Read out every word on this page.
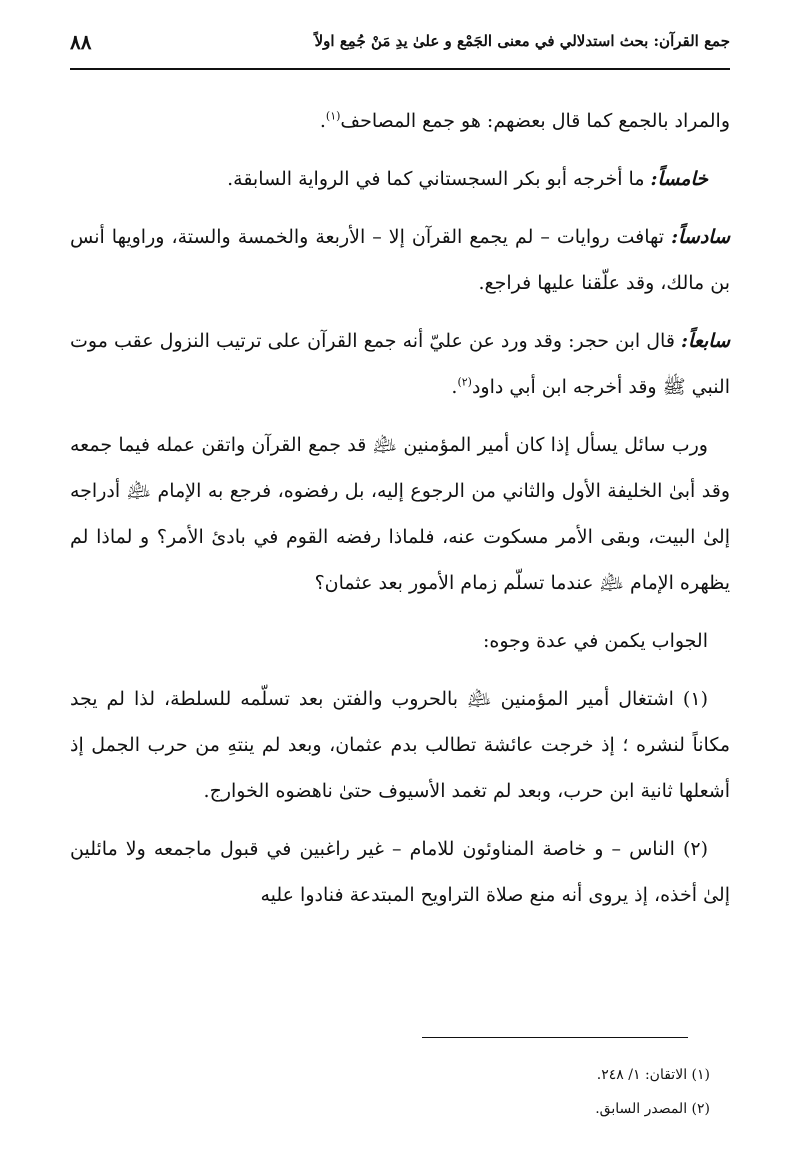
جمع القرآن: بحث استدلالي في معنى الجَمْع و علىٰ يدِ مَنْ جُمِع اولاً
٨٨

والمراد بالجمع كما قال بعضهم: هو جمع المصاحف$^{(١)}$.

خامساً: ما أخرجه أبو بكر السجستاني كما في الرواية السابقة.

سادساً: تهافت روايات – لم يجمع القرآن إلا – الأربعة والخمسة والستة، وراويها أنس بن مالك، وقد علّقنا عليها فراجع.

سابعاً: قال ابن حجر: وقد ورد عن عليّ أنه جمع القرآن على ترتيب النزول عقب موت النبي ﷺ وقد أخرجه ابن أبي داود$^{(٢)}$.

ورب سائل يسأل إذا كان أمير المؤمنين ﵇ قد جمع القرآن واتقن عمله فيما جمعه وقد أبىٰ الخليفة الأول والثاني من الرجوع إليه، بل رفضوه، فرجع به الإمام ﵇ أدراجه إلىٰ البيت، وبقى الأمر مسكوت عنه، فلماذا رفضه القوم في بادئ الأمر؟ و لماذا لم يظهره الإمام ﵇ عندما تسلّم زمام الأمور بعد عثمان؟

الجواب يكمن في عدة وجوه:

(١) اشتغال أمير المؤمنين ﵇ بالحروب والفتن بعد تسلّمه للسلطة، لذا لم يجد مكاناً لنشره ؛ إذ خرجت عائشة تطالب بدم عثمان، وبعد لم ينتهِ من حرب الجمل إذ أشعلها ثانية ابن حرب، وبعد لم تغمد الأسيوف حتىٰ ناهضوه الخوارج.

(٢) الناس – و خاصة المناوئون للامام – غير راغبين في قبول ماجمعه ولا مائلين إلىٰ أخذه، إذ يروى أنه منع صلاة التراويح المبتدعة فنادوا عليه

(١) الاتقان: ١/ ٢٤٨.
(٢) المصدر السابق.
